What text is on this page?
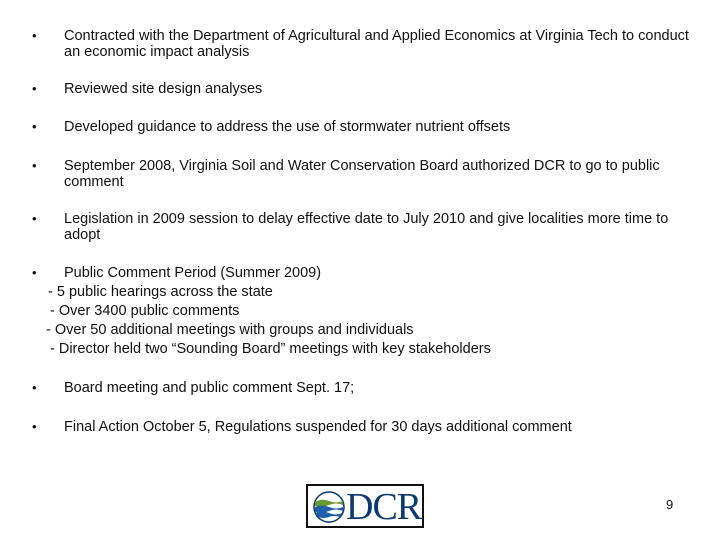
•	Contracted with the Department of Agricultural and Applied Economics at Virginia Tech to conduct an economic impact analysis
•	Reviewed site design analyses
•	Developed guidance to address the use of stormwater nutrient offsets
•	September 2008, Virginia Soil and Water Conservation Board authorized DCR to go to public comment
•	Legislation in 2009 session to delay effective date to July 2010 and give localities more time to adopt
•	Public Comment Period (Summer 2009)
- 5 public hearings across the state
- Over 3400 public comments
- Over 50 additional meetings with groups and individuals
- Director held two “Sounding Board” meetings with key stakeholders
•	Board meeting and public comment Sept. 17;
•	Final Action October 5, Regulations suspended for 30 days additional comment
DCR	9
